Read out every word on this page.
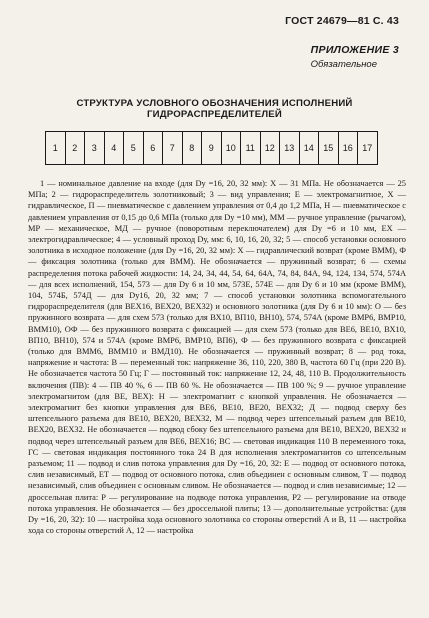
ГОСТ 24679—81 С. 43
ПРИЛОЖЕНИЕ 3
Обязательное
СТРУКТУРА УСЛОВНОГО ОБОЗНАЧЕНИЯ ИСПОЛНЕНИЙ
ГИДРОРАСПРЕДЕЛИТЕЛЕЙ
1	2	3	4	5	6	7	8	9	10	11	12	13	14	15	16	17

1 — номинальное давление на входе (для Dу =16, 20, 32 мм): X — 31 МПа. Не обозначается — 25 МПа; 2 — гидрораспределитель золотниковый; 3 — вид управления; Е — электромагнитное, Х — гидравлическое, П — пневматическое с давлением управления от 0,4 до 1,2 МПа, Н — пневматическое с давлением управления от 0,15 до 0,6 МПа (только для Dу =10 мм), ММ — ручное управление (рычагом), МР — механическое, МД — ручное (поворотным переключателем) для Dу =6 и 10 мм, ЕХ — электрогидравлическое; 4 — условный проход Dу, мм: 6, 10, 16, 20, 32; 5 — способ установки основного золотника в исходное положение (для Dу =16, 20, 32 мм): X — гидравлический возврат (кроме ВММ), Ф — фиксация золотника (только для ВММ). Не обозначается — пружинный возврат; 6 — схемы распределения потока рабочей жидкости: 14, 24, 34, 44, 54, 64, 64А, 74, 84, 84А, 94, 124, 134, 574, 574А — для всех исполнений, 154, 573 — для Dу 6 и 10 мм, 573Е, 574Е — для Dу 6 и 10 мм (кроме ВММ), 104, 574Б, 574Д — для Dу16, 20, 32 мм; 7 — способ установки золотника вспомогательного гидрораспределителя (для ВЕХ16, ВЕХ20, ВЕХ32) и основного золотника (для Dу 6 и 10 мм): О — без пружинного возврата — для схем 573 (только для ВХ10, ВП10, ВН10), 574, 574А (кроме ВМР6, ВМР10, ВММ10), ОФ — без пружинного возврата с фиксацией — для схем 573 (только для ВЕ6, ВЕ10, ВХ10, ВП10, ВН10), 574 и 574А (кроме ВМР6, ВМР10, ВП6), Ф — без пружинного возврата с фиксацией (только для ВММ6, ВММ10 и ВМД10). Не обозначается — пружинный возврат; 8 — род тока, напряжение и частота: В — переменный ток: напряжение 36, 110, 220, 380 В, частота 60 Гц (при 220 В). Не обозначается частота 50 Гц; Г — постоянный ток: напряжение 12, 24, 48, 110 В. Продолжительность включения (ПВ): 4 — ПВ 40 %, 6 — ПВ 60 %. Не обозначается — ПВ 100 %; 9 — ручное управление электромагнитом (для ВЕ, ВЕХ): Н — электромагнит с кнопкой управления. Не обозначается — электромагнит без кнопки управления для ВЕ6, ВЕ10, ВЕ20, ВЕХ32; Д — подвод сверху без штепсельного разъема для ВЕ10, ВЕХ20, ВЕХ32, М — подвод через штепсельный разъем для ВЕ10, ВЕХ20, ВЕХ32. Не обозначается — подвод сбоку без штепсельного разъема для ВЕ10, ВЕХ20, ВЕХ32 и подвод через штепсельный разъем для ВЕ6, ВЕХ16; ВС — световая индикация 110 В переменного тока, ГС — световая индикация постоянного тока 24 В для исполнения электромагнитов со штепсельным разъемом; 11 — подвод и слив потока управления для Dу =16, 20, 32: Е — подвод от основного потока, слив независимый, ЕТ — подвод от основного потока, слив объединен с основным сливом, Т — подвод независимый, слив объединен с основным сливом. Не обозначается — подвод и слив независимые; 12 — дроссельная плита: Р — регулирование на подводе потока управления, Р2 — регулирование на отводе потока управления. Не обозначается — без дроссельной плиты; 13 — дополнительные устройства: (для Dу =16, 20, 32): 10 — настройка хода основного золотника со стороны отверстий А и В, 11 — настройка хода со стороны отверстий А, 12 — настройка
